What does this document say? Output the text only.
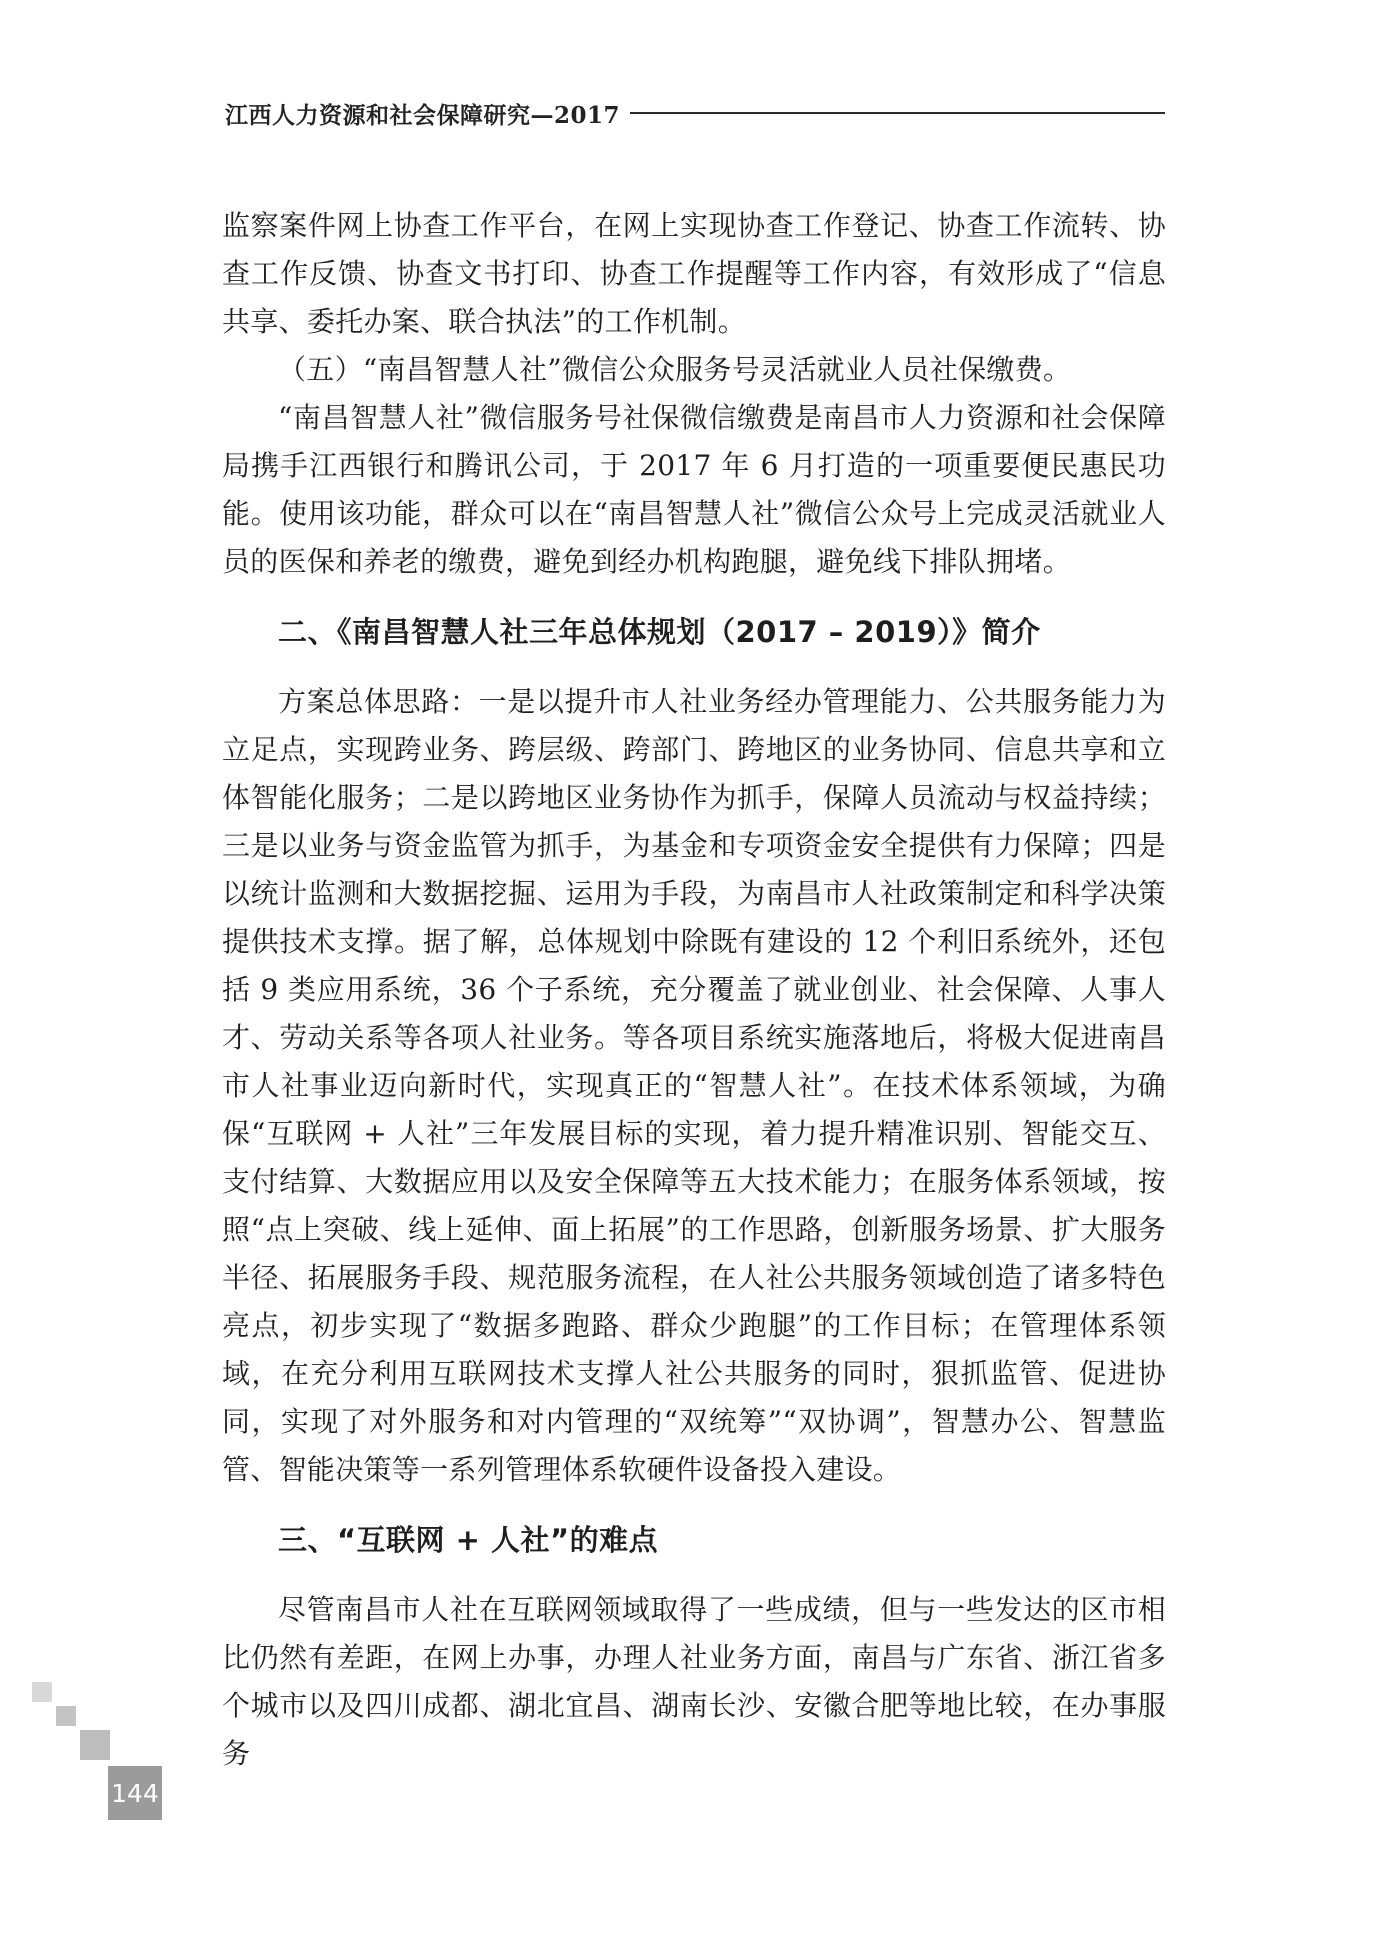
江西人力资源和社会保障研究—2017

监察案件网上协查工作平台，在网上实现协查工作登记、协查工作流转、协查工作反馈、协查文书打印、协查工作提醒等工作内容，有效形成了“信息共享、委托办案、联合执法”的工作机制。

（五）“南昌智慧人社”微信公众服务号灵活就业人员社保缴费。

“南昌智慧人社”微信服务号社保微信缴费是南昌市人力资源和社会保障局携手江西银行和腾讯公司，于 2017 年 6 月打造的一项重要便民惠民功能。使用该功能，群众可以在“南昌智慧人社”微信公众号上完成灵活就业人员的医保和养老的缴费，避免到经办机构跑腿，避免线下排队拥堵。

二、《南昌智慧人社三年总体规划（2017 – 2019）》简介

方案总体思路：一是以提升市人社业务经办管理能力、公共服务能力为立足点，实现跨业务、跨层级、跨部门、跨地区的业务协同、信息共享和立体智能化服务；二是以跨地区业务协作为抓手，保障人员流动与权益持续；三是以业务与资金监管为抓手，为基金和专项资金安全提供有力保障；四是以统计监测和大数据挖掘、运用为手段，为南昌市人社政策制定和科学决策提供技术支撑。据了解，总体规划中除既有建设的 12 个利旧系统外，还包括 9 类应用系统，36 个子系统，充分覆盖了就业创业、社会保障、人事人才、劳动关系等各项人社业务。等各项目系统实施落地后，将极大促进南昌市人社事业迈向新时代，实现真正的“智慧人社”。在技术体系领域，为确保“互联网 + 人社”三年发展目标的实现，着力提升精准识别、智能交互、支付结算、大数据应用以及安全保障等五大技术能力；在服务体系领域，按照“点上突破、线上延伸、面上拓展”的工作思路，创新服务场景、扩大服务半径、拓展服务手段、规范服务流程，在人社公共服务领域创造了诸多特色亮点，初步实现了“数据多跑路、群众少跑腿”的工作目标；在管理体系领域，在充分利用互联网技术支撑人社公共服务的同时，狠抓监管、促进协同，实现了对外服务和对内管理的“双统筹”“双协调”，智慧办公、智慧监管、智能决策等一系列管理体系软硬件设备投入建设。

三、“互联网 + 人社”的难点

尽管南昌市人社在互联网领域取得了一些成绩，但与一些发达的区市相比仍然有差距，在网上办事，办理人社业务方面，南昌与广东省、浙江省多个城市以及四川成都、湖北宜昌、湖南长沙、安徽合肥等地比较，在办事服务

144
